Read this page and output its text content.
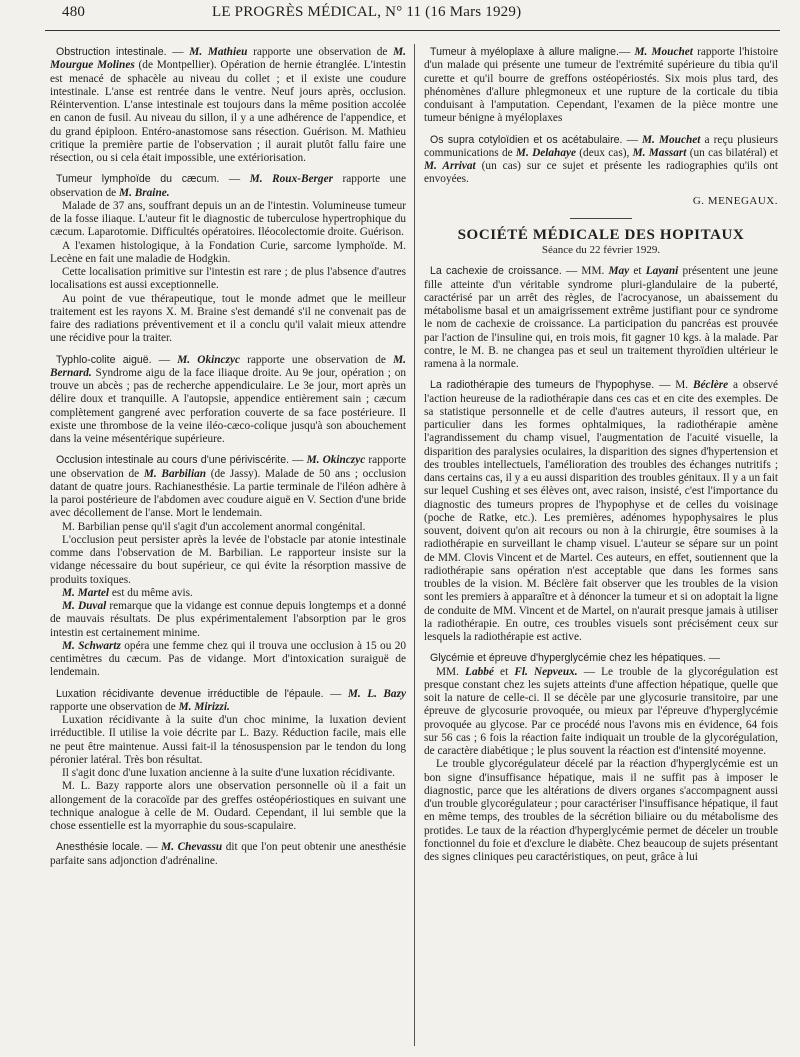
480	LE PROGRÈS MÉDICAL, N° 11 (16 Mars 1929)

Obstruction intestinale. — M. Mathieu rapporte une observation de M. Mourgue Molines (de Montpellier). Opération de hernie étranglée. L'intestin est menacé de sphacèle au niveau du collet ; et il existe une coudure intestinale. L'anse est rentrée dans le ventre. Neuf jours après, occlusion. Réintervention. L'anse intestinale est toujours dans la même position accolée en canon de fusil. Au niveau du sillon, il y a une adhérence de l'appendice, et du grand épiploon. Entéro-anastomose sans résection. Guérison. M. Mathieu critique la première partie de l'observation ; il aurait plutôt fallu faire une résection, ou si cela était impossible, une extériorisation.

Tumeur lymphoïde du cæcum. — M. Roux-Berger rapporte une observation de M. Braine.

Malade de 37 ans, souffrant depuis un an de l'intestin. Volumineuse tumeur de la fosse iliaque. L'auteur fit le diagnostic de tuberculose hypertrophique du cæcum. Laparotomie. Difficultés opératoires. Iléocolectomie droite. Guérison.

A l'examen histologique, à la Fondation Curie, sarcome lymphoïde. M. Lecène en fait une maladie de Hodgkin.

Cette localisation primitive sur l'intestin est rare ; de plus l'absence d'autres localisations est aussi exceptionnelle.

Au point de vue thérapeutique, tout le monde admet que le meilleur traitement est les rayons X. M. Braine s'est demandé s'il ne convenait pas de faire des radiations préventivement et il a conclu qu'il valait mieux attendre une récidive pour la traiter.

Typhlo-colite aiguë. — M. Okinczyc rapporte une observation de M. Bernard. Syndrome aigu de la face iliaque droite. Au 9e jour, opération ; on trouve un abcès ; pas de recherche appendiculaire. Le 3e jour, mort après un délire doux et tranquille. A l'autopsie, appendice entièrement sain ; cæcum complètement gangrené avec perforation couverte de sa face postérieure. Il existe une thrombose de la veine iléo-cæco-colique jusqu'à son abouchement dans la veine mésentérique supérieure.

Occlusion intestinale au cours d'une périviscérite. — M. Okinczyc rapporte une observation de M. Barbilian (de Jassy). Malade de 50 ans ; occlusion datant de quatre jours. Rachianesthésie. La partie terminale de l'iléon adhère à la paroi postérieure de l'abdomen avec coudure aiguë en V. Section d'une bride avec décollement de l'anse. Mort le lendemain.

M. Barbilian pense qu'il s'agit d'un accolement anormal congénital.

L'occlusion peut persister après la levée de l'obstacle par atonie intestinale comme dans l'observation de M. Barbilian. Le rapporteur insiste sur la vidange nécessaire du bout supérieur, ce qui évite la résorption massive de produits toxiques.

M. Martel est du même avis.

M. Duval remarque que la vidange est connue depuis longtemps et a donné de mauvais résultats. De plus expérimentalement l'absorption par le gros intestin est certainement minime.

M. Schwartz opéra une femme chez qui il trouva une occlusion à 15 ou 20 centimètres du cæcum. Pas de vidange. Mort d'intoxication suraiguë de lendemain.

Luxation récidivante devenue irréductible de l'épaule. — M. L. Bazy rapporte une observation de M. Mirizzi.

Luxation récidivante à la suite d'un choc minime, la luxation devient irréductible. Il utilise la voie décrite par L. Bazy. Réduction facile, mais elle ne peut être maintenue. Aussi fait-il la ténosuspension par le tendon du long péronier latéral. Très bon résultat.

Il s'agit donc d'une luxation ancienne à la suite d'une luxation récidivante.

M. L. Bazy rapporte alors une observation personnelle où il a fait un allongement de la coracoïde par des greffes ostéopériostiques en suivant une technique analogue à celle de M. Oudard. Cependant, il lui semble que la chose essentielle est la myorraphie du sous-scapulaire.

Anesthésie locale. — M. Chevassu dit que l'on peut obtenir une anesthésie parfaite sans adjonction d'adrénaline.

Tumeur à myéloplaxe à allure maligne.— M. Mouchet rapporte l'histoire d'un malade qui présente une tumeur de l'extrémité supérieure du tibia qu'il curette et qu'il bourre de greffons ostéopériostés. Six mois plus tard, des phénomènes d'allure phlegmoneux et une rupture de la corticale du tibia conduisant à l'amputation. Cependant, l'examen de la pièce montre une tumeur bénigne à myéloplaxes

Os supra cotyloïdien et os acétabulaire. — M. Mouchet a reçu plusieurs communications de M. Delahaye (deux cas), M. Massart (un cas bilatéral) et M. Arrivat (un cas) sur ce sujet et présente les radiographies qu'ils ont envoyées.

G. MENEGAUX.
SOCIÉTÉ MÉDICALE DES HOPITAUX
Séance du 22 février 1929.

La cachexie de croissance. — MM. May et Layani présentent une jeune fille atteinte d'un véritable syndrome pluri-glandulaire de la puberté, caractérisé par un arrêt des règles, de l'acrocyanose, un abaissement du métabolisme basal et un amaigrissement extrême justifiant pour ce syndrome le nom de cachexie de croissance. La participation du pancréas est prouvée par l'action de l'insuline qui, en trois mois, fit gagner 10 kgs. à la malade. Par contre, le M. B. ne changea pas et seul un traitement thyroïdien ultérieur le ramena à la normale.

La radiothérapie des tumeurs de l'hypophyse. — M. Béclère a observé l'action heureuse de la radiothérapie dans ces cas et en cite des exemples. De sa statistique personnelle et de celle d'autres auteurs, il ressort que, en particulier dans les formes ophtalmiques, la radiothérapie amène l'agrandissement du champ visuel, l'augmentation de l'acuité visuelle, la disparition des paralysies oculaires, la disparition des signes d'hypertension et des troubles intellectuels, l'amélioration des troubles des échanges nutritifs ; dans certains cas, il y a eu aussi disparition des troubles génitaux. Il y a un fait sur lequel Cushing et ses élèves ont, avec raison, insisté, c'est l'importance du diagnostic des tumeurs propres de l'hypophyse et de celles du voisinage (poche de Ratke, etc.). Les premières, adénomes hypophysaires le plus souvent, doivent qu'on ait recours ou non à la chirurgie, être soumises à la radiothérapie en surveillant le champ visuel. L'auteur se sépare sur un point de MM. Clovis Vincent et de Martel. Ces auteurs, en effet, soutiennent que la radiothérapie sans opération n'est acceptable que dans les formes sans troubles de la vision. M. Béclère fait observer que les troubles de la vision sont les premiers à apparaître et à dénoncer la tumeur et si on adoptait la ligne de conduite de MM. Vincent et de Martel, on n'aurait presque jamais à utiliser la radiothérapie. En outre, ces troubles visuels sont précisément ceux sur lesquels la radiothérapie est active.

Glycémie et épreuve d'hyperglycémie chez les hépatiques. —

MM. Labbé et Fl. Nepveux. — Le trouble de la glycorégulation est presque constant chez les sujets atteints d'une affection hépatique, quelle que soit la nature de celle-ci. Il se décèle par une glycosurie transitoire, par une épreuve de glycosurie provoquée, ou mieux par l'épreuve d'hyperglycémie provoquée au glycose. Par ce procédé nous l'avons mis en évidence, 64 fois sur 56 cas ; 6 fois la réaction faite indiquait un trouble de la glycorégulation, de caractère diabétique ; le plus souvent la réaction est d'intensité moyenne.

Le trouble glycorégulateur décelé par la réaction d'hyperglycémie est un bon signe d'insuffisance hépatique, mais il ne suffit pas à imposer le diagnostic, parce que les altérations de divers organes s'accompagnent aussi d'un trouble glycorégulateur ; pour caractériser l'insuffisance hépatique, il faut en même temps, des troubles de la sécrétion biliaire ou du métabolisme des protides. Le taux de la réaction d'hyperglycémie permet de déceler un trouble fonctionnel du foie et d'exclure le diabète. Chez beaucoup de sujets présentant des signes cliniques peu caractéristiques, on peut, grâce à lui
